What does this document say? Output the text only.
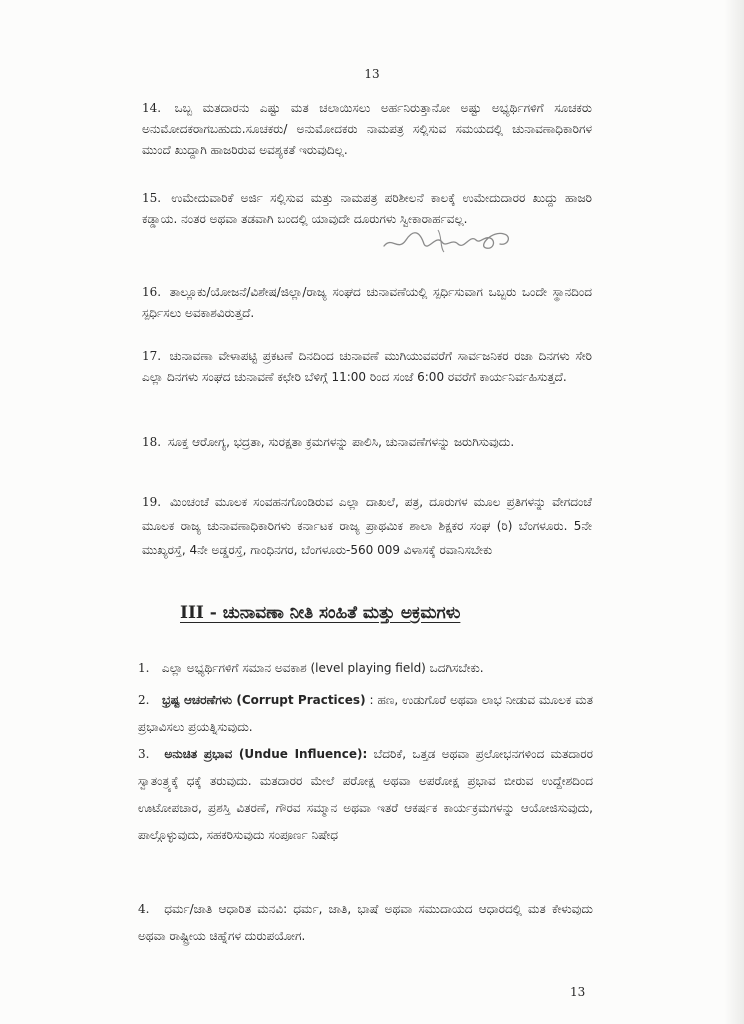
13
14. ಒಬ್ಬ ಮತದಾರನು ಎಷ್ಟು ಮತ ಚಲಾಯಿಸಲು ಅರ್ಹನಿರುತ್ತಾನೋ ಅಷ್ಟು ಅಭ್ಯರ್ಥಿಗಳಿಗೆ ಸೂಚಕರು ಅನುಮೋದಕರಾಗಬಹುದು.ಸೂಚಕರು/ ಅನುಮೋದಕರು ನಾಮಪತ್ರ ಸಲ್ಲಿಸುವ ಸಮಯದಲ್ಲಿ ಚುನಾವಣಾಧಿಕಾರಿಗಳ ಮುಂದೆ ಖುದ್ದಾಗಿ ಹಾಜರಿರುವ ಅವಶ್ಯಕತೆ ಇರುವುದಿಲ್ಲ.
15. ಉಮೇದುವಾರಿಕೆ ಅರ್ಜಿ ಸಲ್ಲಿಸುವ ಮತ್ತು ನಾಮಪತ್ರ ಪರಿಶೀಲನೆ ಕಾಲಕ್ಕೆ ಉಮೇದುದಾರರ ಖುದ್ದು ಹಾಜರಿ ಕಡ್ಡಾಯ. ನಂತರ ಅಥವಾ ತಡವಾಗಿ ಬಂದಲ್ಲಿ ಯಾವುದೇ ದೂರುಗಳು ಸ್ವೀಕಾರಾರ್ಹವಲ್ಲ.
16. ತಾಲ್ಲೂಕು/ಯೋಜನೆ/ವಿಶೇಷ/ಜಿಲ್ಲಾ/ರಾಜ್ಯ ಸಂಘದ ಚುನಾವಣೆಯಲ್ಲಿ ಸ್ಪರ್ಧಿಸುವಾಗ ಒಬ್ಬರು ಒಂದೇ ಸ್ಥಾನದಿಂದ ಸ್ಪರ್ಧಿಸಲು ಅವಕಾಶವಿರುತ್ತದೆ.
17. ಚುನಾವಣಾ ವೇಳಾಪಟ್ಟಿ ಪ್ರಕಟಣೆ ದಿನದಿಂದ ಚುನಾವಣೆ ಮುಗಿಯುವವರೆಗೆ ಸಾರ್ವಜನಿಕರ ರಜಾ ದಿನಗಳು ಸೇರಿ ಎಲ್ಲಾ ದಿನಗಳು ಸಂಘದ ಚುನಾವಣೆ ಕಛೇರಿ ಬೆಳಿಗ್ಗೆ 11:00 ರಿಂದ ಸಂಜೆ 6:00 ರವರೆಗೆ ಕಾರ್ಯನಿರ್ವಹಿಸುತ್ತದೆ.
18. ಸೂಕ್ತ ಆರೋಗ್ಯ, ಭದ್ರತಾ, ಸುರಕ್ಷತಾ ಕ್ರಮಗಳನ್ನು ಪಾಲಿಸಿ, ಚುನಾವಣೆಗಳನ್ನು ಜರುಗಿಸುವುದು.
19. ಮಿಂಚಂಚೆ ಮೂಲಕ ಸಂವಹನಗೊಂಡಿರುವ ಎಲ್ಲಾ ದಾಖಲೆ, ಪತ್ರ, ದೂರುಗಳ ಮೂಲ ಪ್ರತಿಗಳನ್ನು ವೇಗದಂಚೆ ಮೂಲಕ ರಾಜ್ಯ ಚುನಾವಣಾಧಿಕಾರಿಗಳು ಕರ್ನಾಟಕ ರಾಜ್ಯ ಪ್ರಾಥಮಿಕ ಶಾಲಾ ಶಿಕ್ಷಕರ ಸಂಘ (ರಿ) ಬೆಂಗಳೂರು. 5ನೇ ಮುಖ್ಯರಸ್ತೆ, 4ನೇ ಅಡ್ಡರಸ್ತೆ, ಗಾಂಧಿನಗರ, ಬೆಂಗಳೂರು-560 009 ವಿಳಾಸಕ್ಕೆ ರವಾನಿಸಬೇಕು
III - ಚುನಾವಣಾ ನೀತಿ ಸಂಹಿತೆ ಮತ್ತು ಅಕ್ರಮಗಳು
1. ಎಲ್ಲಾ ಅಭ್ಯರ್ಥಿಗಳಿಗೆ ಸಮಾನ ಅವಕಾಶ (level playing field) ಒದಗಿಸಬೇಕು.
2. ಭ್ರಷ್ಟ ಆಚರಣೆಗಳು (Corrupt Practices) : ಹಣ, ಉಡುಗೊರೆ ಅಥವಾ ಲಾಭ ನೀಡುವ ಮೂಲಕ ಮತ ಪ್ರಭಾವಿಸಲು ಪ್ರಯತ್ನಿಸುವುದು.
3. ಅನುಚಿತ ಪ್ರಭಾವ (Undue Influence): ಬೆದರಿಕೆ, ಒತ್ತಡ ಅಥವಾ ಪ್ರಲೋಭನಗಳಿಂದ ಮತದಾರರ ಸ್ವಾತಂತ್ರ್ಯಕ್ಕೆ ಧಕ್ಕೆ ತರುವುದು. ಮತದಾರರ ಮೇಲೆ ಪರೋಕ್ಷ ಅಥವಾ ಅಪರೋಕ್ಷ ಪ್ರಭಾವ ಬೀರುವ ಉದ್ದೇಶದಿಂದ ಊಟೋಪಚಾರ, ಪ್ರಶಸ್ತಿ ವಿತರಣೆ, ಗೌರವ ಸಮ್ಮಾನ ಅಥವಾ ಇತರೆ ಆಕರ್ಷಕ ಕಾರ್ಯಕ್ರಮಗಳನ್ನು ಆಯೋಜಿಸುವುದು, ಪಾಲ್ಗೊಳ್ಳುವುದು, ಸಹಕರಿಸುವುದು ಸಂಪೂರ್ಣ ನಿಷೇಧ
4. ಧರ್ಮ/ಜಾತಿ ಆಧಾರಿತ ಮನವಿ: ಧರ್ಮ, ಜಾತಿ, ಭಾಷೆ ಅಥವಾ ಸಮುದಾಯದ ಆಧಾರದಲ್ಲಿ ಮತ ಕೇಳುವುದು ಅಥವಾ ರಾಷ್ಟ್ರೀಯ ಚಿಹ್ನೆಗಳ ದುರುಪಯೋಗ.
13
